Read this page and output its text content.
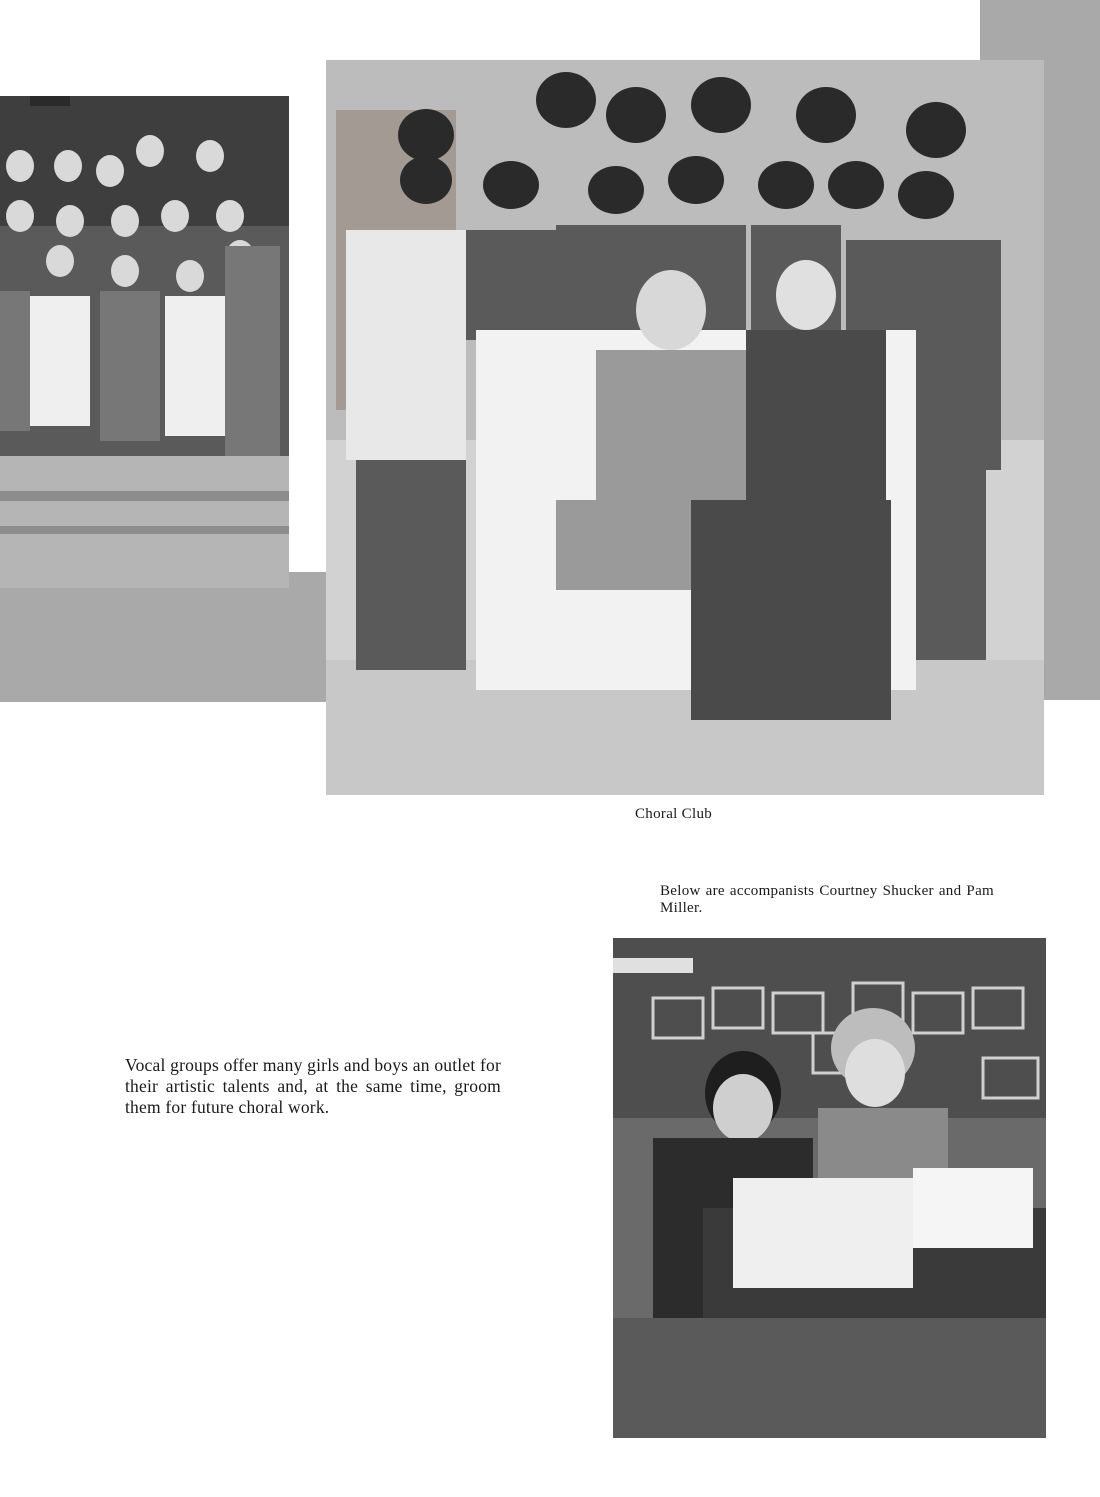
Choral Club
Below are accompanists Courtney Shucker and Pam Miller.
Vocal groups offer many girls and boys an outlet for their artistic talents and, at the same time, groom them for future choral work.
